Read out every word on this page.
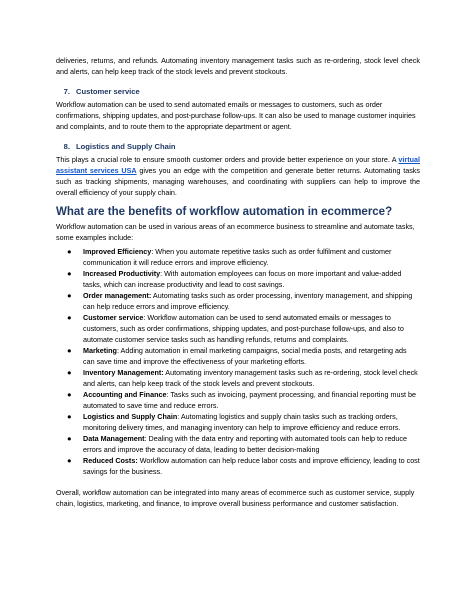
deliveries, returns, and refunds. Automating inventory management tasks such as re-ordering, stock level check and alerts, can help keep track of the stock levels and prevent stockouts.

7. Customer service

Workflow automation can be used to send automated emails or messages to customers, such as order confirmations, shipping updates, and post-purchase follow-ups. It can also be used to manage customer inquiries and complaints, and to route them to the appropriate department or agent.

8. Logistics and Supply Chain

This plays a crucial role to ensure smooth customer orders and provide better experience on your store. A virtual assistant services USA gives you an edge with the competition and generate better returns. Automating tasks such as tracking shipments, managing warehouses, and coordinating with suppliers can help to improve the overall efficiency of your supply chain.

What are the benefits of workflow automation in ecommerce?

Workflow automation can be used in various areas of an ecommerce business to streamline and automate tasks, some examples include:

● Improved Efficiency: When you automate repetitive tasks such as order fulfilment and customer communication it will reduce errors and improve efficiency.
● Increased Productivity: With automation employees can focus on more important and value-added tasks, which can increase productivity and lead to cost savings.
● Order management: Automating tasks such as order processing, inventory management, and shipping can help reduce errors and improve efficiency.
● Customer service: Workflow automation can be used to send automated emails or messages to customers, such as order confirmations, shipping updates, and post-purchase follow-ups, and also to automate customer service tasks such as handling refunds, returns and complaints.
● Marketing: Adding automation in email marketing campaigns, social media posts, and retargeting ads can save time and improve the effectiveness of your marketing efforts.
● Inventory Management: Automating inventory management tasks such as re-ordering, stock level check and alerts, can help keep track of the stock levels and prevent stockouts.
● Accounting and Finance: Tasks such as invoicing, payment processing, and financial reporting must be automated to save time and reduce errors.
● Logistics and Supply Chain: Automating logistics and supply chain tasks such as tracking orders, monitoring delivery times, and managing inventory can help to improve efficiency and reduce errors.
● Data Management: Dealing with the data entry and reporting with automated tools can help to reduce errors and improve the accuracy of data, leading to better decision-making
● Reduced Costs: Workflow automation can help reduce labor costs and improve efficiency, leading to cost savings for the business.

Overall, workflow automation can be integrated into many areas of ecommerce such as customer service, supply chain, logistics, marketing, and finance, to improve overall business performance and customer satisfaction.
